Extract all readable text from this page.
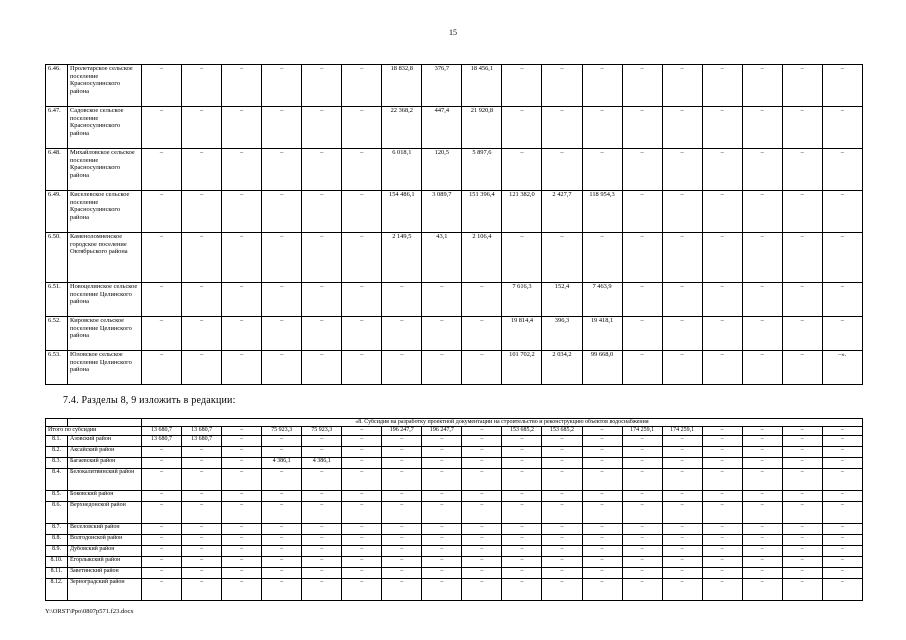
15
6.46.	Пролетарское сельское поселение Красносулинского района	–	–	–	–	–	–	18 832,8	376,7	18 456,1	–	–	–	–	–	–	–	–	–
6.47.	Садовское сельское поселение Красносулинского района	–	–	–	–	–	–	22 368,2	447,4	21 920,8	–	–	–	–	–	–	–	–	–
6.48.	Михайловское сельское поселение Красносулинского района	–	–	–	–	–	–	6 018,1	120,5	5 897,6	–	–	–	–	–	–	–	–	–
6.49.	Киселевское сельское поселение Красносулинского района	–	–	–	–	–	–	154 486,1	3 089,7	151 396,4	121 382,0	2 427,7	118 954,3	–	–	–	–	–	–
6.50.	Каменоломненское городское поселение Октябрьского района	–	–	–	–	–	–	2 149,5	43,1	2 106,4	–	–	–	–	–	–	–	–	–
6.51.	Новоцелинское сельское поселение Целинского района	–	–	–	–	–	–	–	–	–	7 616,3	152,4	7 463,9	–	–	–	–	–	–
6.52.	Кировское сельское поселение Целинского района	–	–	–	–	–	–	–	–	–	19 814,4	396,3	19 418,1	–	–	–	–	–	–
6.53.	Юловское сельское поселение Целинского района	–	–	–	–	–	–	–	–	–	101 702,2	2 034,2	99 668,0	–	–	–	–	–	–».
7.4. Разделы 8, 9 изложить в редакции:
		«8. Субсидия на разработку проектной документации на строительство и реконструкцию объектов водоснабжения																	
Итого по субсидии		13 680,7	13 680,7	–	75 923,3	75 923,3	–	196 247,7	196 247,7	–	153 685,2	153 685,2	–	174 259,1	174 259,1	–	–	–	–
8.1.	Азовский район	13 680,7	13 680,7	–	–	–	–	–	–	–	–	–	–	–	–	–	–	–	–
8.2.	Аксайский район	–	–	–	–	–	–	–	–	–	–	–	–	–	–	–	–	–	–
8.3.	Багаевский район	–	–	–	4 386,1	4 386,1	–	–	–	–	–	–	–	–	–	–	–	–	–
8.4.	Белокалитвинский район	–	–	–	–	–	–	–	–	–	–	–	–	–	–	–	–	–	–
8.5.	Боковский район	–	–	–	–	–	–	–	–	–	–	–	–	–	–	–	–	–	–
8.6.	Верхнедонской район	–	–	–	–	–	–	–	–	–	–	–	–	–	–	–	–	–	–
8.7.	Веселовский район	–	–	–	–	–	–	–	–	–	–	–	–	–	–	–	–	–	–
8.8.	Волгодонской район	–	–	–	–	–	–	–	–	–	–	–	–	–	–	–	–	–	–
8.9.	Дубовский район	–	–	–	–	–	–	–	–	–	–	–	–	–	–	–	–	–	–
8.10.	Егорлыкский район	–	–	–	–	–	–	–	–	–	–	–	–	–	–	–	–	–	–
8.11.	Заветинский район	–	–	–	–	–	–	–	–	–	–	–	–	–	–	–	–	–	–
8.12.	Зерноградский район	–	–	–	–	–	–	–	–	–	–	–	–	–	–	–	–	–	–
Y:\ORST\Ppo\0807p571.f23.docx
